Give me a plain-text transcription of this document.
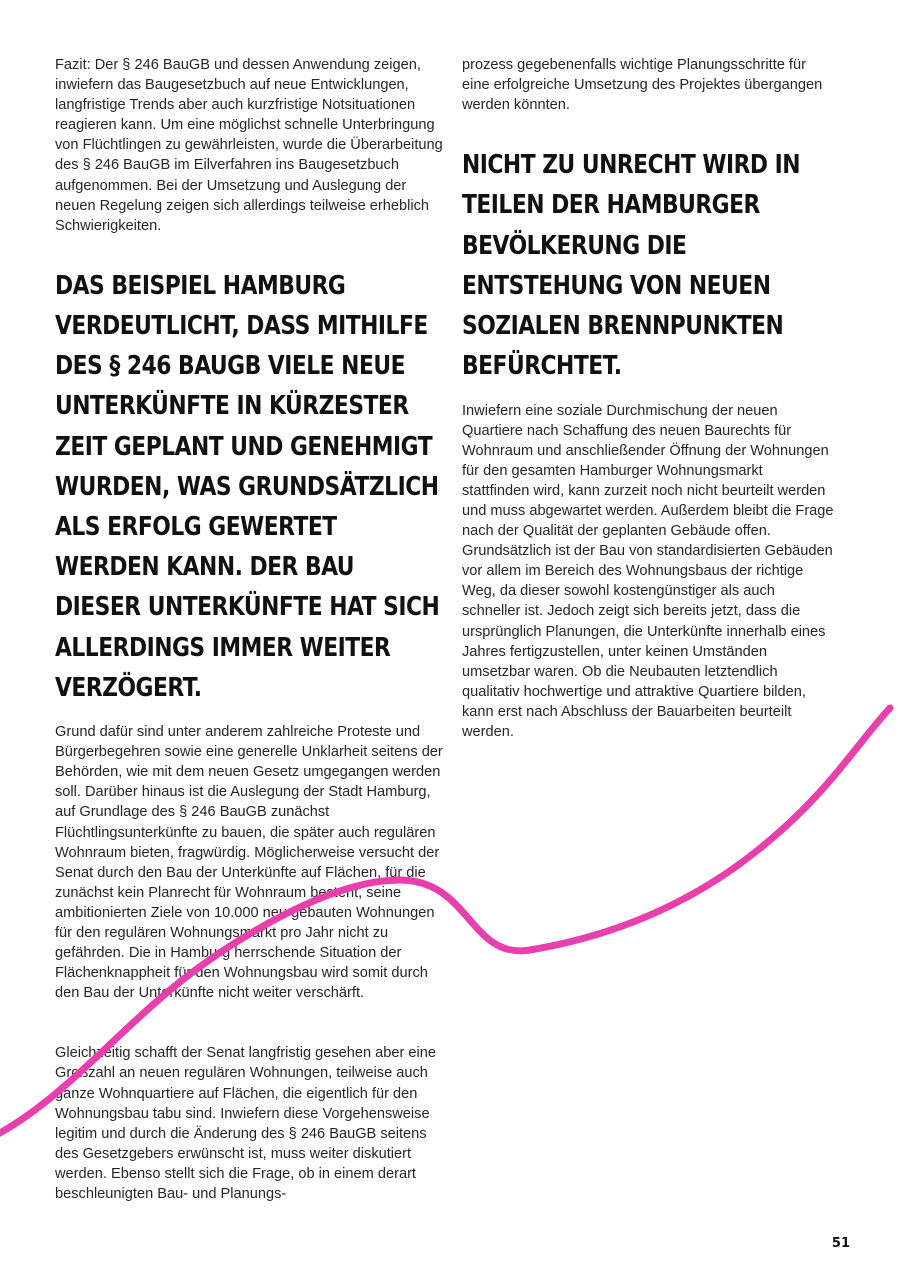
Fazit: Der § 246 BauGB und dessen Anwendung zeigen, inwiefern das Baugesetzbuch auf neue Entwicklungen, langfristige Trends aber auch kurzfristige Notsituationen reagieren kann. Um eine möglichst schnelle Unterbringung von Flüchtlingen zu gewährleisten, wurde die Überarbeitung des § 246 BauGB im Eilverfahren ins Baugesetzbuch aufgenommen. Bei der Umsetzung und Auslegung der neuen Regelung zeigen sich allerdings teilweise erheblich Schwierigkeiten.

DAS BEISPIEL HAMBURG VERDEUTLICHT, DASS MITHILFE DES § 246 BAUGB VIELE NEUE UNTERKÜNFTE IN KÜRZESTER ZEIT GEPLANT UND GENEHMIGT WURDEN, WAS GRUNDSÄTZLICH ALS ERFOLG GEWERTET WERDEN KANN. DER BAU DIESER UNTERKÜNFTE HAT SICH ALLERDINGS IMMER WEITER VERZÖGERT.

Grund dafür sind unter anderem zahlreiche Proteste und Bürgerbegehren sowie eine generelle Unklarheit seitens der Behörden, wie mit dem neuen Gesetz umgegangen werden soll. Darüber hinaus ist die Auslegung der Stadt Hamburg, auf Grundlage des § 246 BauGB zunächst Flüchtlingsunterkünfte zu bauen, die später auch regulären Wohnraum bieten, fragwürdig. Möglicherweise versucht der Senat durch den Bau der Unterkünfte auf Flächen, für die zunächst kein Planrecht für Wohnraum besteht, seine ambitionierten Ziele von 10.000 neu gebauten Wohnungen für den regulären Wohnungsmarkt pro Jahr nicht zu gefährden. Die in Hamburg herrschende Situation der Flächenknappheit für den Wohnungsbau wird somit durch den Bau der Unterkünfte nicht weiter verschärft.

Gleichzeitig schafft der Senat langfristig gesehen aber eine Großzahl an neuen regulären Wohnungen, teilweise auch ganze Wohnquartiere auf Flächen, die eigentlich für den Wohnungsbau tabu sind. Inwiefern diese Vorgehensweise legitim und durch die Änderung des § 246 BauGB seitens des Gesetzgebers erwünscht ist, muss weiter diskutiert werden. Ebenso stellt sich die Frage, ob in einem derart beschleunigten Bau- und Planungs-

prozess gegebenenfalls wichtige Planungsschritte für eine erfolgreiche Umsetzung des Projektes übergangen werden könnten.

NICHT ZU UNRECHT WIRD IN TEILEN DER HAMBURGER BEVÖLKERUNG DIE ENTSTEHUNG VON NEUEN SOZIALEN BRENNPUNKTEN BEFÜRCHTET.

Inwiefern eine soziale Durchmischung der neuen Quartiere nach Schaffung des neuen Baurechts für Wohnraum und anschließender Öffnung der Wohnungen für den gesamten Hamburger Wohnungsmarkt stattfinden wird, kann zurzeit noch nicht beurteilt werden und muss abgewartet werden. Außerdem bleibt die Frage nach der Qualität der geplanten Gebäude offen. Grundsätzlich ist der Bau von standardisierten Gebäuden vor allem im Bereich des Wohnungsbaus der richtige Weg, da dieser sowohl kostengünstiger als auch schneller ist. Jedoch zeigt sich bereits jetzt, dass die ursprünglich Planungen, die Unterkünfte innerhalb eines Jahres fertigzustellen, unter keinen Umständen umsetzbar waren. Ob die Neubauten letztendlich qualitativ hochwertige und attraktive Quartiere bilden, kann erst nach Abschluss der Bauarbeiten beurteilt werden.

51
